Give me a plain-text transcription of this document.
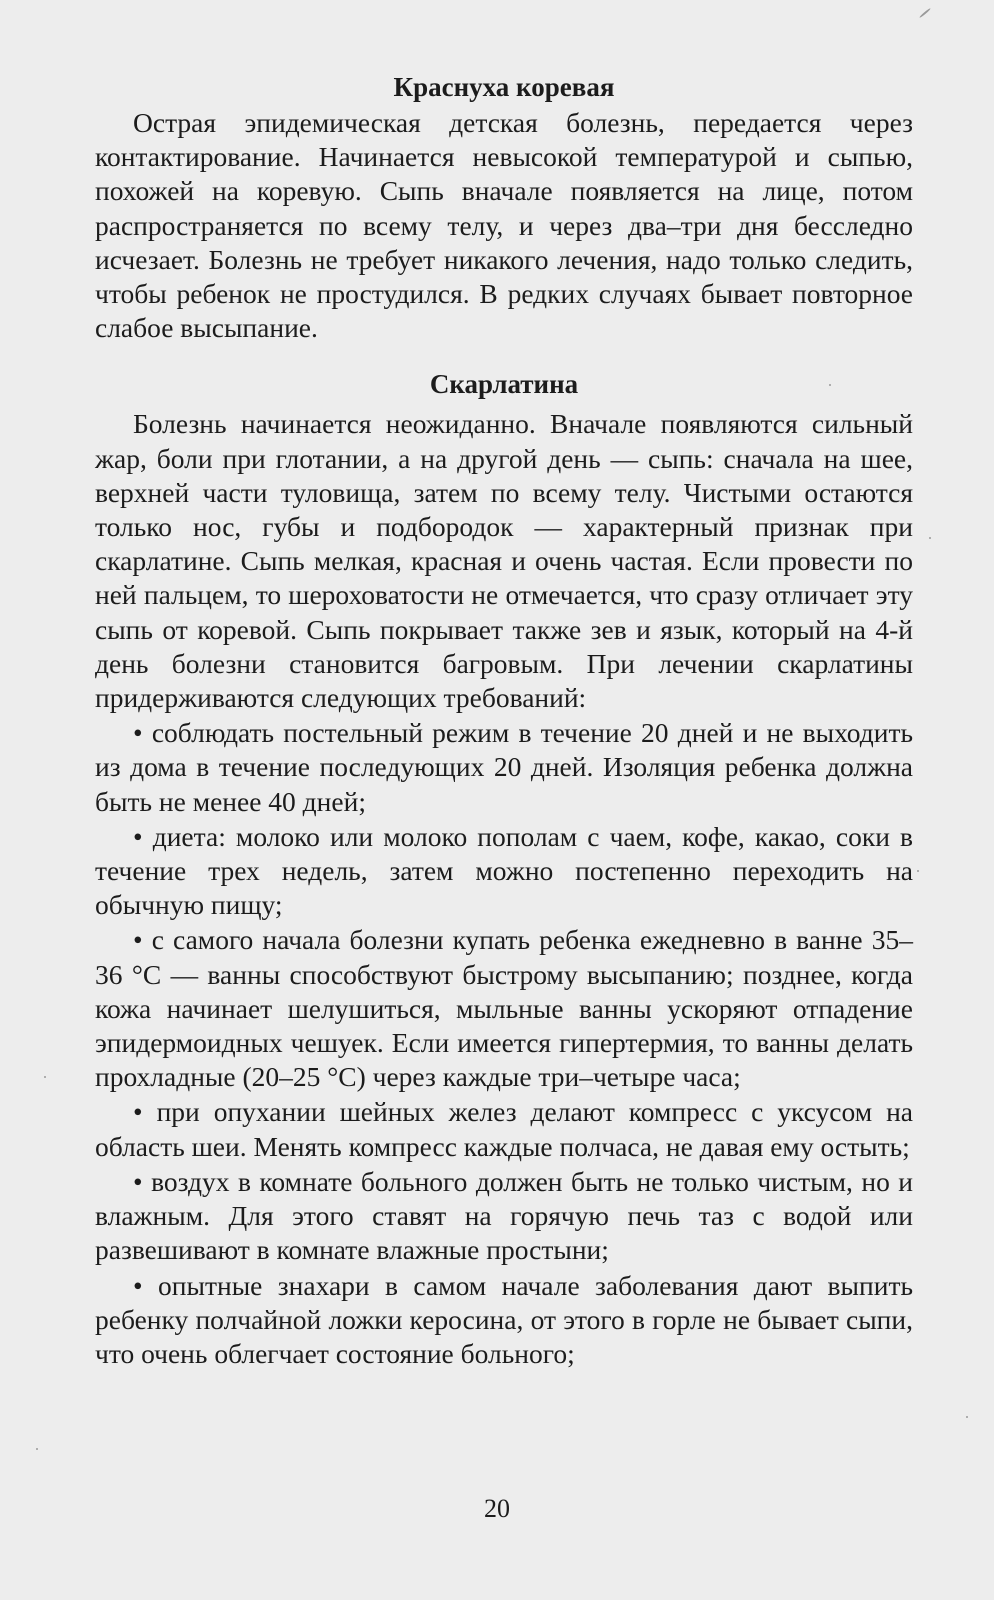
Краснуха коревая

Острая эпидемическая детская болезнь, передается через контактирование. Начинается невысокой температурой и сыпью, похожей на коревую. Сыпь вначале появляется на лице, потом распространяется по всему телу, и через два–три дня бесследно исчезает. Болезнь не требует никакого лечения, надо только следить, чтобы ребенок не простудился. В редких случаях бывает повторное слабое высыпание.

Скарлатина

Болезнь начинается неожиданно. Вначале появляются сильный жар, боли при глотании, а на другой день — сыпь: сначала на шее, верхней части туловища, затем по всему телу. Чистыми остаются только нос, губы и подбородок — характерный признак при скарлатине. Сыпь мелкая, красная и очень частая. Если провести по ней пальцем, то шероховатости не отмечается, что сразу отличает эту сыпь от коревой. Сыпь покрывает также зев и язык, который на 4-й день болезни становится багровым. При лечении скарлатины придерживаются следующих требований:

• соблюдать постельный режим в течение 20 дней и не выходить из дома в течение последующих 20 дней. Изоляция ребенка должна быть не менее 40 дней;

• диета: молоко или молоко пополам с чаем, кофе, какао, соки в течение трех недель, затем можно постепенно переходить на обычную пищу;

• с самого начала болезни купать ребенка ежедневно в ванне 35–36 °С — ванны способствуют быстрому высыпанию; позднее, когда кожа начинает шелушиться, мыльные ванны ускоряют отпадение эпидермоидных чешуек. Если имеется гипертермия, то ванны делать прохладные (20–25 °С) через каждые три–четыре часа;

• при опухании шейных желез делают компресс с уксусом на область шеи. Менять компресс каждые полчаса, не давая ему остыть;

• воздух в комнате больного должен быть не только чистым, но и влажным. Для этого ставят на горячую печь таз с водой или развешивают в комнате влажные простыни;

• опытные знахари в самом начале заболевания дают выпить ребенку полчайной ложки керосина, от этого в горле не бывает сыпи, что очень облегчает состояние больного;

20
